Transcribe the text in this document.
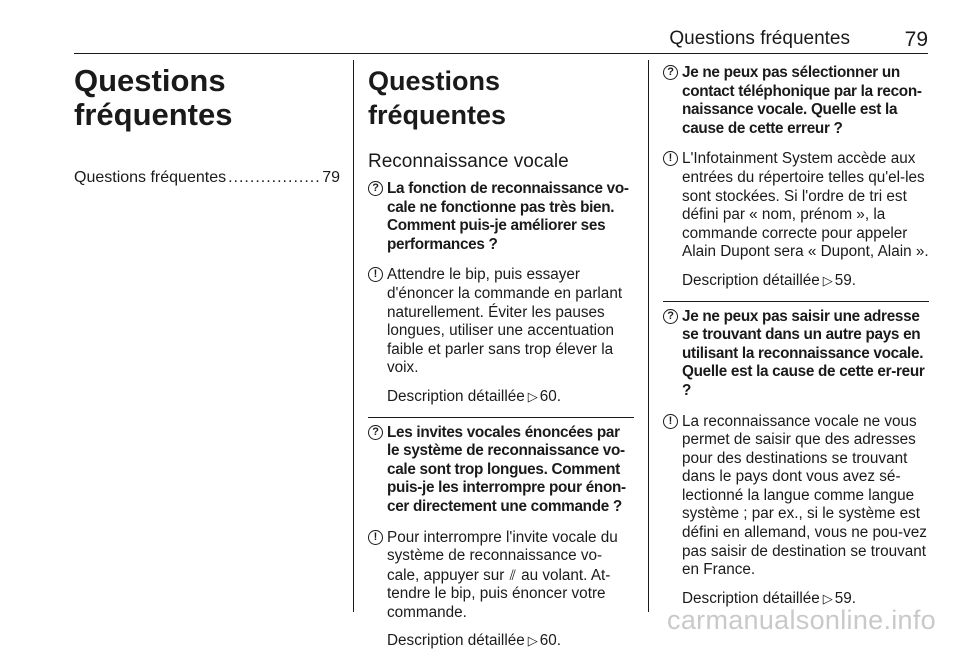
Questions fréquentes	79
Questions
fréquentes
Questions fréquentes
.....	79
Questions fréquentes
Reconnaissance vocale
? La fonction de reconnaissance vo-cale ne fonctionne pas très bien. Comment puis-je améliorer ses performances ?
! Attendre le bip, puis essayer d'énoncer la commande en parlant naturellement. Éviter les pauses longues, utiliser une accentuation faible et parler sans trop élever la voix.
Description détaillée ▷ 60.
? Les invites vocales énoncées par le système de reconnaissance vo-cale sont trop longues. Comment puis-je les interrompre pour énon-cer directement une commande ?
! Pour interrompre l'invite vocale du système de reconnaissance vo-cale, appuyer sur ⫽ au volant. At-tendre le bip, puis énoncer votre commande.
Description détaillée ▷ 60.
? Je ne peux pas sélectionner un contact téléphonique par la recon-naissance vocale. Quelle est la cause de cette erreur ?
! L'Infotainment System accède aux entrées du répertoire telles qu'el-les sont stockées. Si l'ordre de tri est défini par « nom, prénom », la commande correcte pour appeler Alain Dupont sera « Dupont, Alain ».
Description détaillée ▷ 59.
? Je ne peux pas saisir une adresse se trouvant dans un autre pays en utilisant la reconnaissance vocale. Quelle est la cause de cette er-reur ?
! La reconnaissance vocale ne vous permet de saisir que des adresses pour des destinations se trouvant dans le pays dont vous avez sé-lectionné la langue comme langue système ; par ex., si le système est défini en allemand, vous ne pou-vez pas saisir de destination se trouvant en France.
Description détaillée ▷ 59.
carmanualsonline.info
